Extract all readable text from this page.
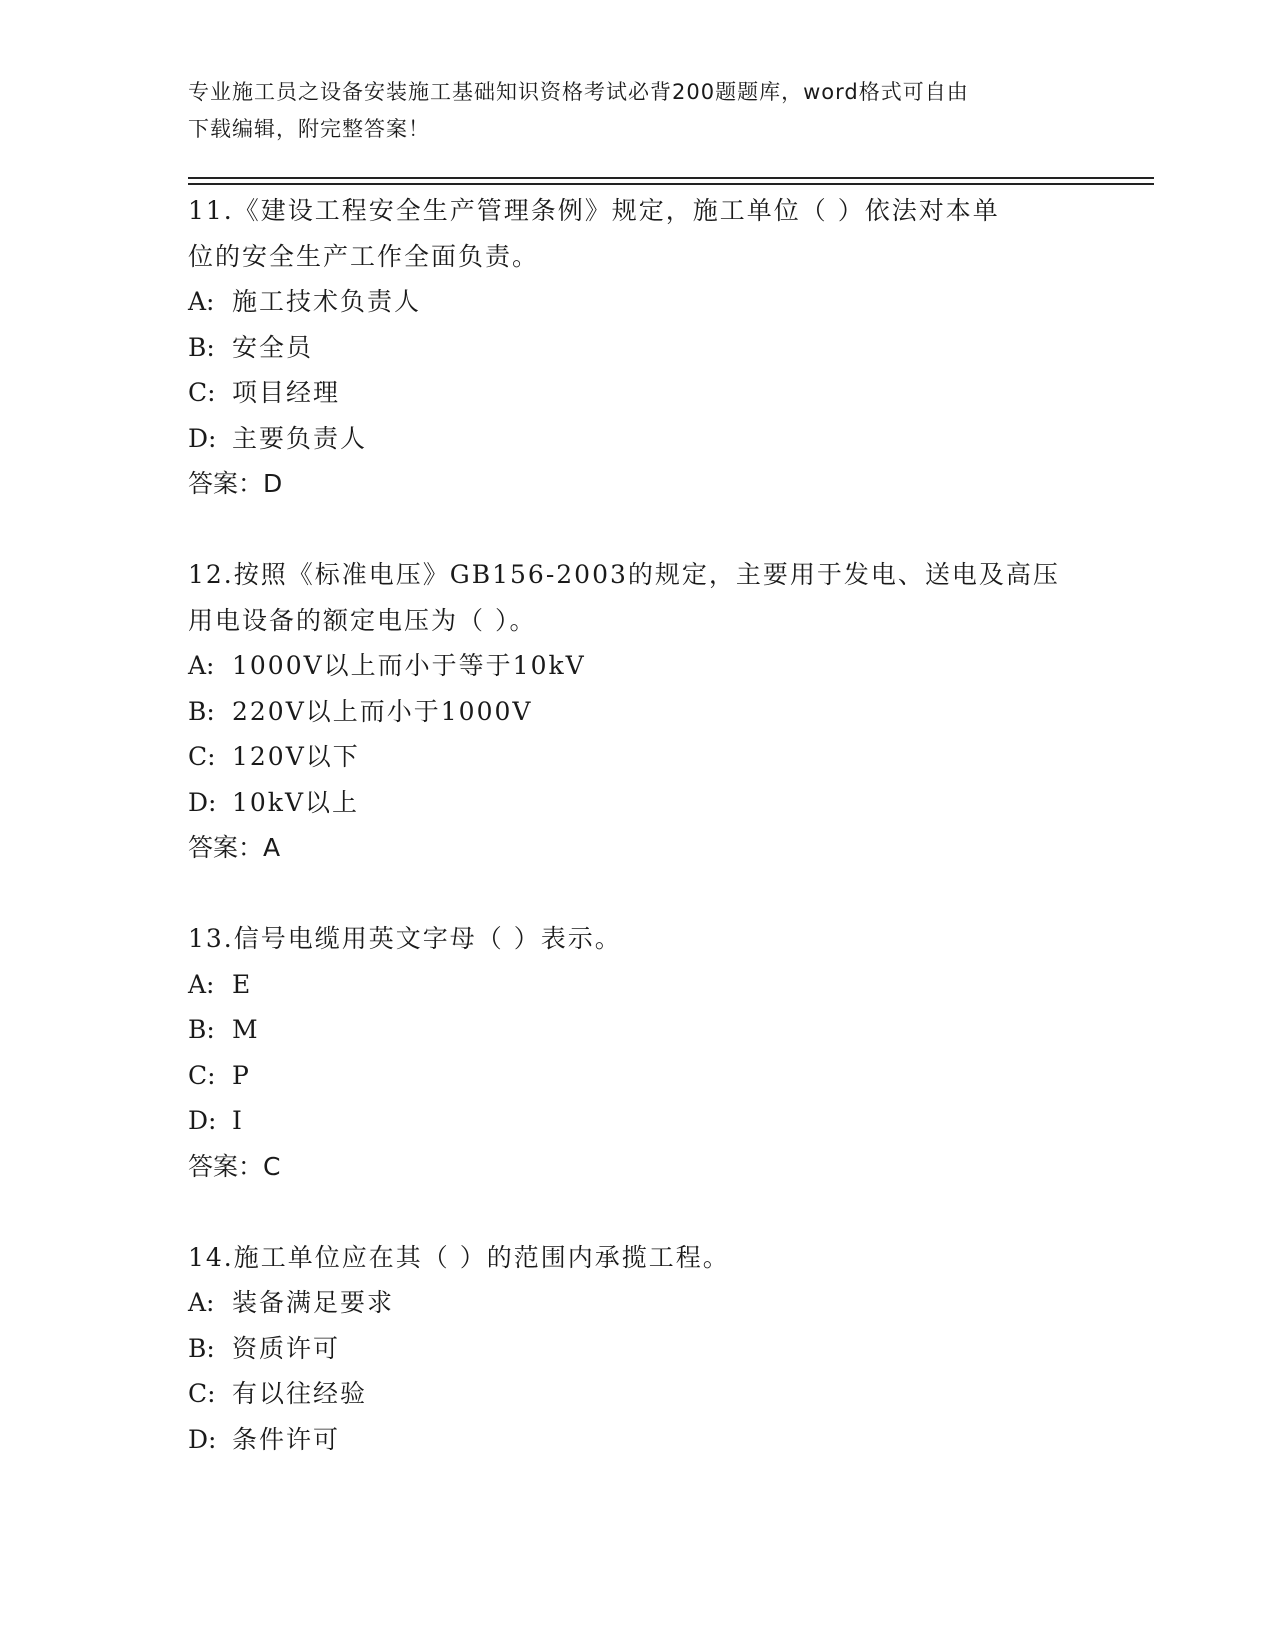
专业施工员之设备安装施工基础知识资格考试必背200题题库，word格式可自由
下载编辑，附完整答案！
11.《建设工程安全生产管理条例》规定，施工单位（ ）依法对本单
位的安全生产工作全面负责。
A: 施工技术负责人
B: 安全员
C: 项目经理
D: 主要负责人
答案：D
12.按照《标准电压》GB156-2003的规定，主要用于发电、送电及高压
用电设备的额定电压为（ ）。
A: 1000V以上而小于等于10kV
B: 220V以上而小于1000V
C: 120V以下
D: 10kV以上
答案：A
13.信号电缆用英文字母（ ）表示。
A: E
B: M
C: P
D: I
答案：C
14.施工单位应在其（ ）的范围内承揽工程。
A: 装备满足要求
B: 资质许可
C: 有以往经验
D: 条件许可
